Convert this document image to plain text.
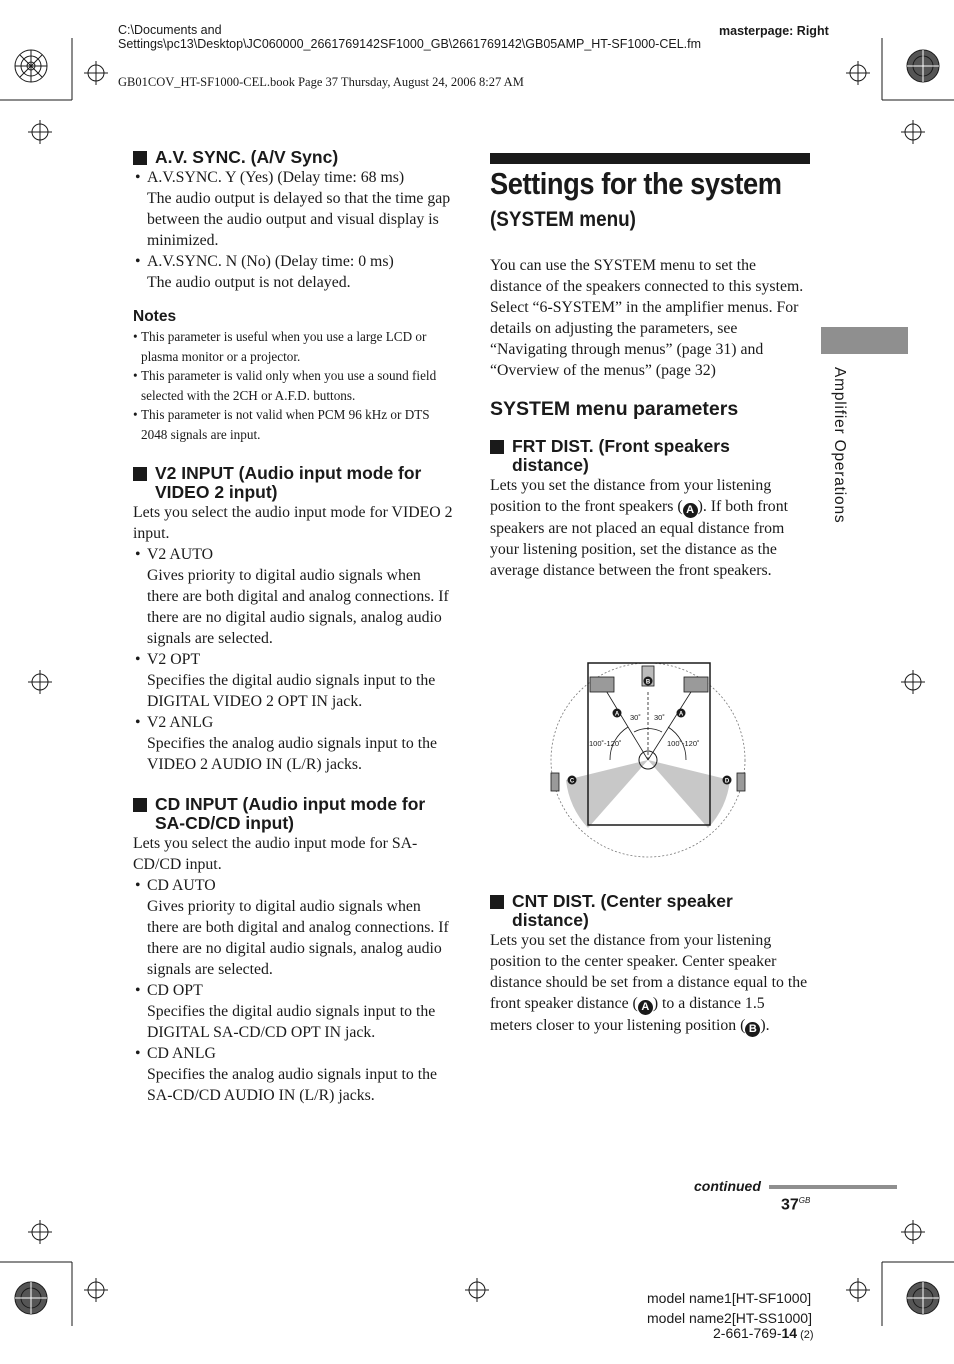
C:\Documents and Settings\pc13\Desktop\JC060000_2661769142SF1000_GB\2661769142\GB05AMP_HT-SF1000-CEL.fm
GB01COV_HT-SF1000-CEL.book Page 37 Thursday, August 24, 2006 8:27 AM
masterpage: Right
A.V. SYNC. (A/V Sync)
• A.V.SYNC. Y (Yes) (Delay time: 68 ms)
The audio output is delayed so that the time gap between the audio output and visual display is minimized.
• A.V.SYNC. N (No) (Delay time: 0 ms)
The audio output is not delayed.

Notes

• This parameter is useful when you use a large LCD or plasma monitor or a projector.
• This parameter is valid only when you use a sound field selected with the 2CH or A.F.D. buttons.
• This parameter is not valid when PCM 96 kHz or DTS 2048 signals are input.
V2 INPUT (Audio input mode for VIDEO 2 input)
Lets you select the audio input mode for VIDEO 2 input.
• V2 AUTO
Gives priority to digital audio signals when there are both digital and analog connections. If there are no digital audio signals, analog audio signals are selected.
• V2 OPT
Specifies the digital audio signals input to the DIGITAL VIDEO 2 OPT IN jack.
• V2 ANLG
Specifies the analog audio signals input to the VIDEO 2 AUDIO IN (L/R) jacks.
CD INPUT (Audio input mode for SA-CD/CD input)
Lets you select the audio input mode for SA-CD/CD input.
• CD AUTO
Gives priority to digital audio signals when there are both digital and analog connections. If there are no digital audio signals, analog audio signals are selected.
• CD OPT
Specifies the digital audio signals input to the DIGITAL SA-CD/CD OPT IN jack.
• CD ANLG
Specifies the analog audio signals input to the SA-CD/CD AUDIO IN (L/R) jacks.
Settings for the system
(SYSTEM menu)
You can use the SYSTEM menu to set the distance of the speakers connected to this system.
Select “6-SYSTEM” in the amplifier menus. For details on adjusting the parameters, see “Navigating through menus” (page 31) and “Overview of the menus” (page 32)
SYSTEM menu parameters
FRT DIST. (Front speakers distance)
Lets you set the distance from your listening position to the front speakers ( A ). If both front speakers are not placed an equal distance from your listening position, set the distance as the average distance between the front speakers.
30˚ 30˚
100˚-120˚	100˚-120˚
A	A
B
C	D
CNT DIST. (Center speaker distance)
Lets you set the distance from your listening position to the center speaker. Center speaker distance should be set from a distance equal to the front speaker distance ( A ) to a distance 1.5 meters closer to your listening position ( B ).
Amplifier Operations
continued
$37^{GB}$
model name1[HT-SF1000]
model name2[HT-SS1000]
2-661-769-14 (2)
